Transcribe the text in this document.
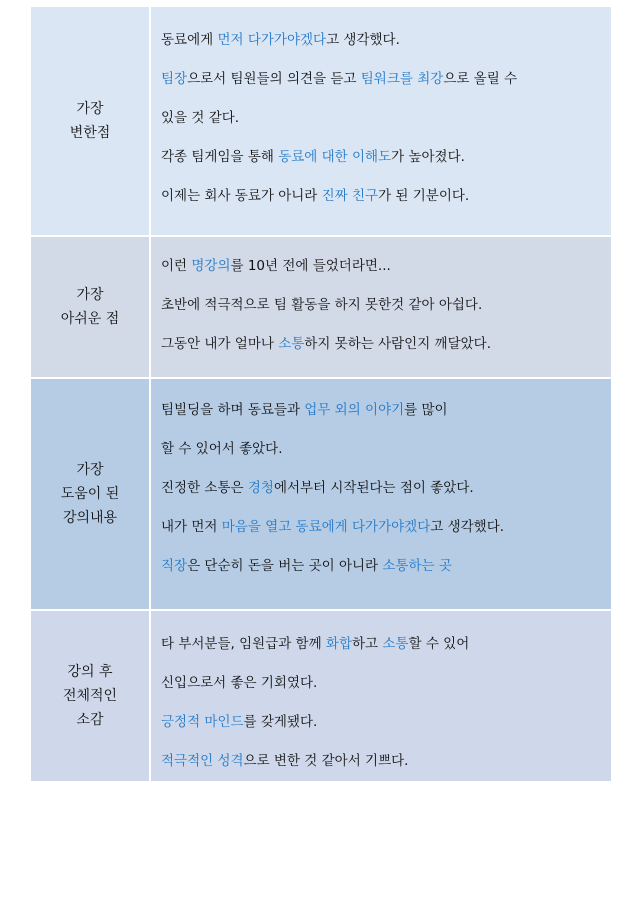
가장
변한점
동료에게 먼저 다가가야겠다고 생각했다.
팀장으로서 팀원들의 의견을 듣고 팀워크를 최강으로 올릴 수
있을 것 같다.
각종 팀게임을 통해 동료에 대한 이해도가 높아졌다.
이제는 회사 동료가 아니라 진짜 친구가 된 기분이다.
가장
아쉬운 점
이런 명강의를 10년 전에 들었더라면...
초반에 적극적으로 팀 활동을 하지 못한것 같아 아쉽다.
그동안 내가 얼마나 소통하지 못하는 사람인지 깨달았다.
가장
도움이 된
강의내용
팀빌딩을 하며 동료들과 업무 외의 이야기를 많이
할 수 있어서 좋았다.
진정한 소통은 경청에서부터 시작된다는 점이 좋았다.
내가 먼저 마음을 열고 동료에게 다가가야겠다고 생각했다.
직장은 단순히 돈을 버는 곳이 아니라 소통하는 곳
강의 후
전체적인
소감
타 부서분들, 임원급과 함께 화합하고 소통할 수 있어
신입으로서 좋은 기회였다.
긍정적 마인드를 갖게됐다.
적극적인 성격으로 변한 것 같아서 기쁘다.
